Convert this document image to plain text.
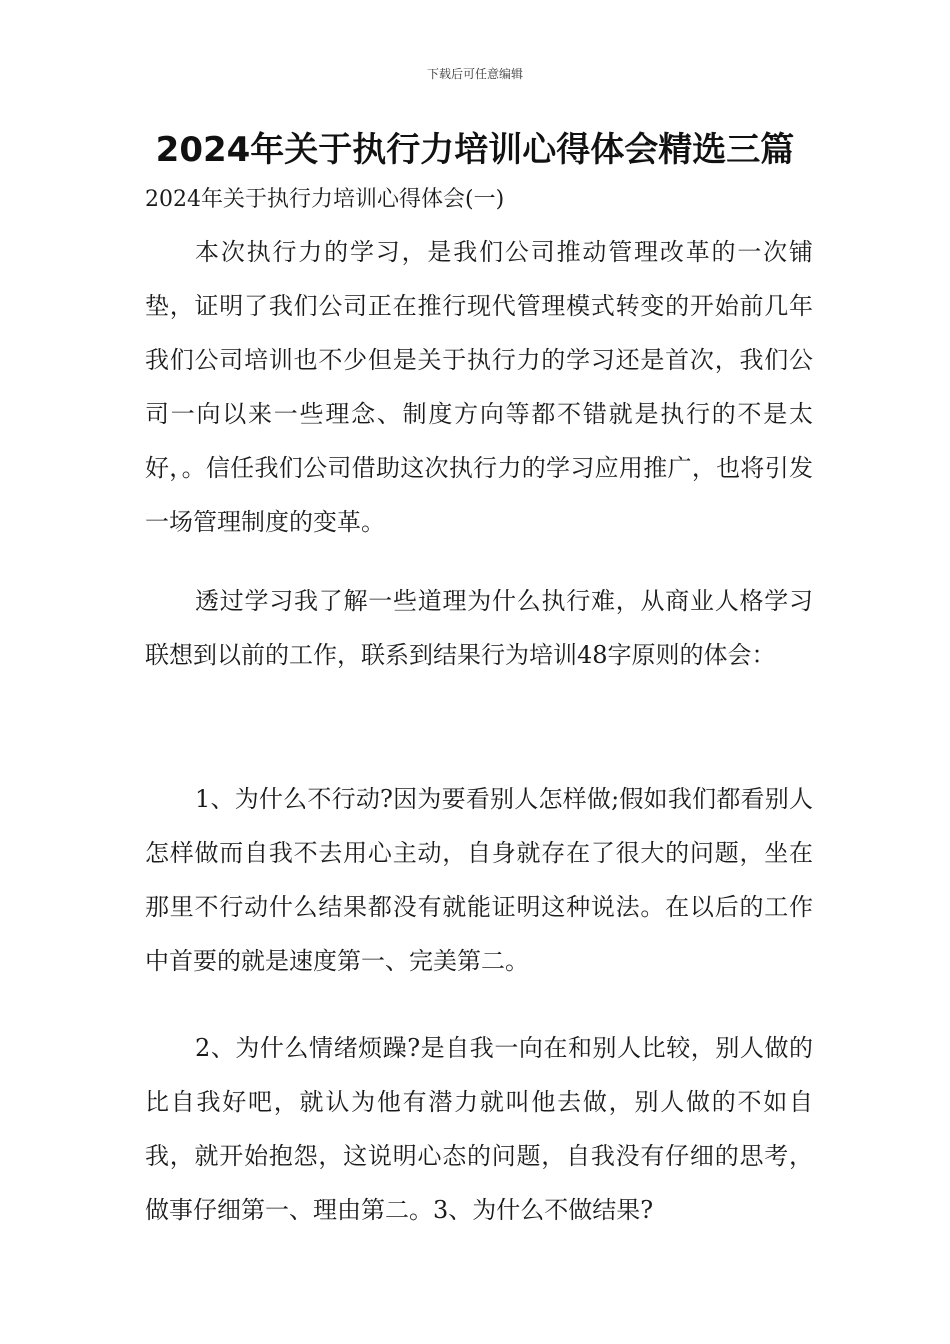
下载后可任意编辑
2024年关于执行力培训心得体会精选三篇

2024年关于执行力培训心得体会(一)

本次执行力的学习，是我们公司推动管理改革的一次铺垫，证明了我们公司正在推行现代管理模式转变的开始前几年我们公司培训也不少但是关于执行力的学习还是首次，我们公司一向以来一些理念、制度方向等都不错就是执行的不是太好，。信任我们公司借助这次执行力的学习应用推广，也将引发一场管理制度的变革。

透过学习我了解一些道理为什么执行难，从商业人格学习联想到以前的工作，联系到结果行为培训48字原则的体会：

1、为什么不行动?因为要看别人怎样做;假如我们都看别人怎样做而自我不去用心主动，自身就存在了很大的问题，坐在那里不行动什么结果都没有就能证明这种说法。在以后的工作中首要的就是速度第一、完美第二。

2、为什么情绪烦躁?是自我一向在和别人比较，别人做的比自我好吧，就认为他有潜力就叫他去做，别人做的不如自我，就开始抱怨，这说明心态的问题，自我没有仔细的思考，做事仔细第一、理由第二。3、为什么不做结果?
